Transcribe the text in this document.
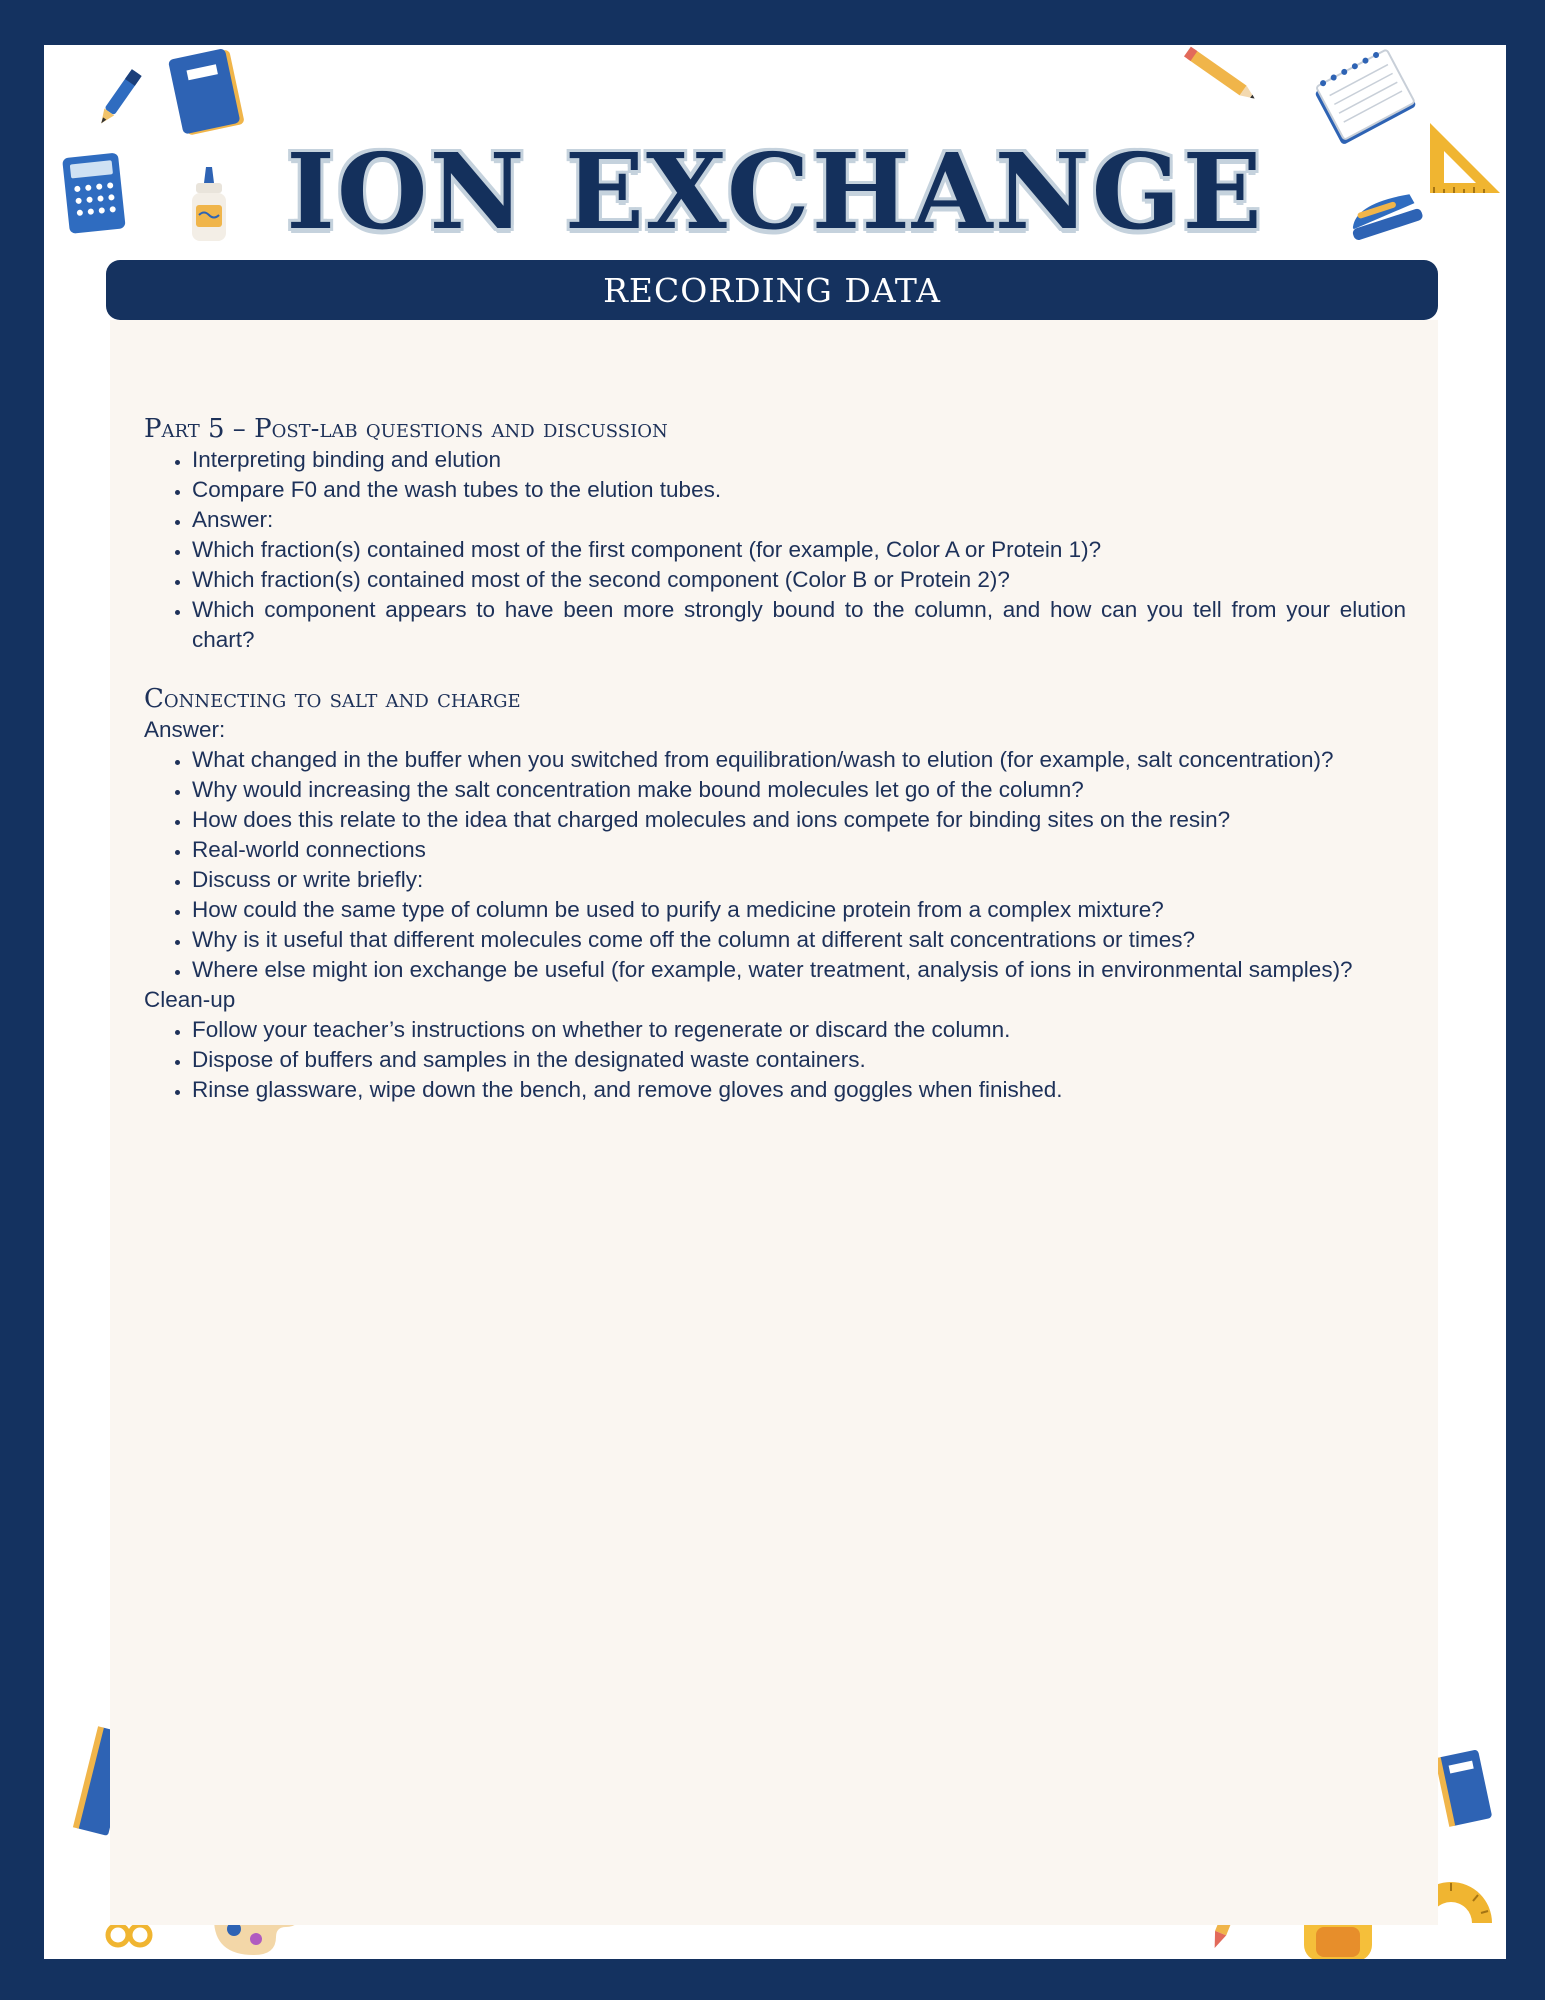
ION EXCHANGE
RECORDING DATA
Part 5 – Post-lab questions and discussion
• Interpreting binding and elution
• Compare F0 and the wash tubes to the elution tubes.
• Answer:
• Which fraction(s) contained most of the first component (for example, Color A or Protein 1)?
• Which fraction(s) contained most of the second component (Color B or Protein 2)?
• Which component appears to have been more strongly bound to the column, and how can you tell from your elution chart?
Connecting to salt and charge
Answer:
• What changed in the buffer when you switched from equilibration/wash to elution (for example, salt concentration)?
• Why would increasing the salt concentration make bound molecules let go of the column?
• How does this relate to the idea that charged molecules and ions compete for binding sites on the resin?
• Real-world connections
• Discuss or write briefly:
• How could the same type of column be used to purify a medicine protein from a complex mixture?
• Why is it useful that different molecules come off the column at different salt concentrations or times?
• Where else might ion exchange be useful (for example, water treatment, analysis of ions in environmental samples)?
Clean-up
• Follow your teacher’s instructions on whether to regenerate or discard the column.
• Dispose of buffers and samples in the designated waste containers.
• Rinse glassware, wipe down the bench, and remove gloves and goggles when finished.
